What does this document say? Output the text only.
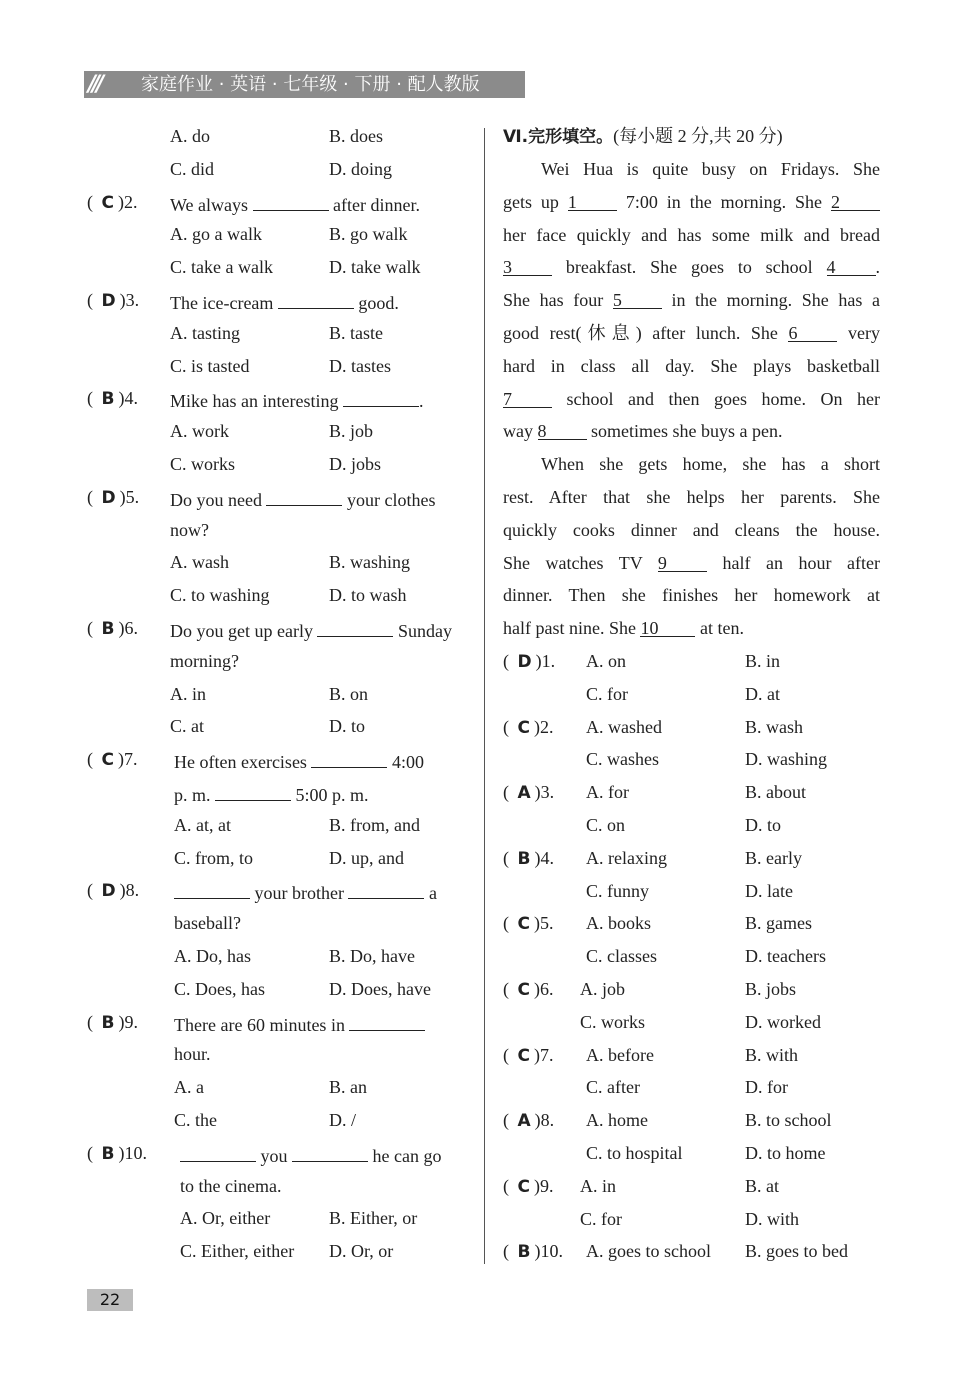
/// 家庭作业 · 英语 · 七年级 · 下册 · 配人教版
A. do	B. does
C. did	D. doing
( C )2. We always	after dinner.
A. go a walk	B. go walk
C. take a walk	D. take walk
( D )3. The ice-cream	good.
A. tasting	B. taste
C. is tasted	D. tastes
( B )4. Mike has an interesting	.
A. work	B. job
C. works	D. jobs
( D )5. Do you need	your clothes
now?
A. wash	B. washing
C. to washing	D. to wash
( B )6. Do you get up early	Sunday
morning?
A. in	B. on
C. at	D. to
( C )7. He often exercises	4:00
p. m.	5:00 p. m.
A. at, at	B. from, and
C. from, to	D. up, and
( D )8.	your brother	a
baseball?
A. Do, has	B. Do, have
C. Does, has	D. Does, have
( B )9. There are 60 minutes in
hour.
A. a	B. an
C. the	D. /
( B )10.	you	he can go
to the cinema.
A. Or, either	B. Either, or
C. Either, either D. Or, or
Ⅵ.完形填空。(每小题 2 分,共 20 分)
Wei Hua is quite busy on Fridays. She
gets up 1 7:00 in the morning. She 2
her face quickly and has some milk and bread
3 breakfast. She goes to school 4 .
She has four 5 in the morning. She has a
good rest(休息) after lunch. She 6 very
hard in class all day. She plays basketball
7 school and then goes home. On her
way 8 sometimes she buys a pen.
When she gets home, she has a short
rest. After that she helps her parents. She
quickly cooks dinner and cleans the house.
She watches TV 9 half an hour after
dinner. Then she finishes her homework at
half past nine. She 10 at ten.
( D )1. A. on	B. in
C. for	D. at
( C )2. A. washed	B. wash
C. washes	D. washing
( A )3. A. for	B. about
C. on	D. to
( B )4. A. relaxing	B. early
C. funny	D. late
( C )5. A. books	B. games
C. classes	D. teachers
( C )6. A. job	B. jobs
C. works	D. worked
( C )7. A. before	B. with
C. after	D. for
( A )8. A. home	B. to school
C. to hospital	D. to home
( C )9. A. in	B. at
C. for	D. with
( B )10. A. goes to school B. goes to bed
22
